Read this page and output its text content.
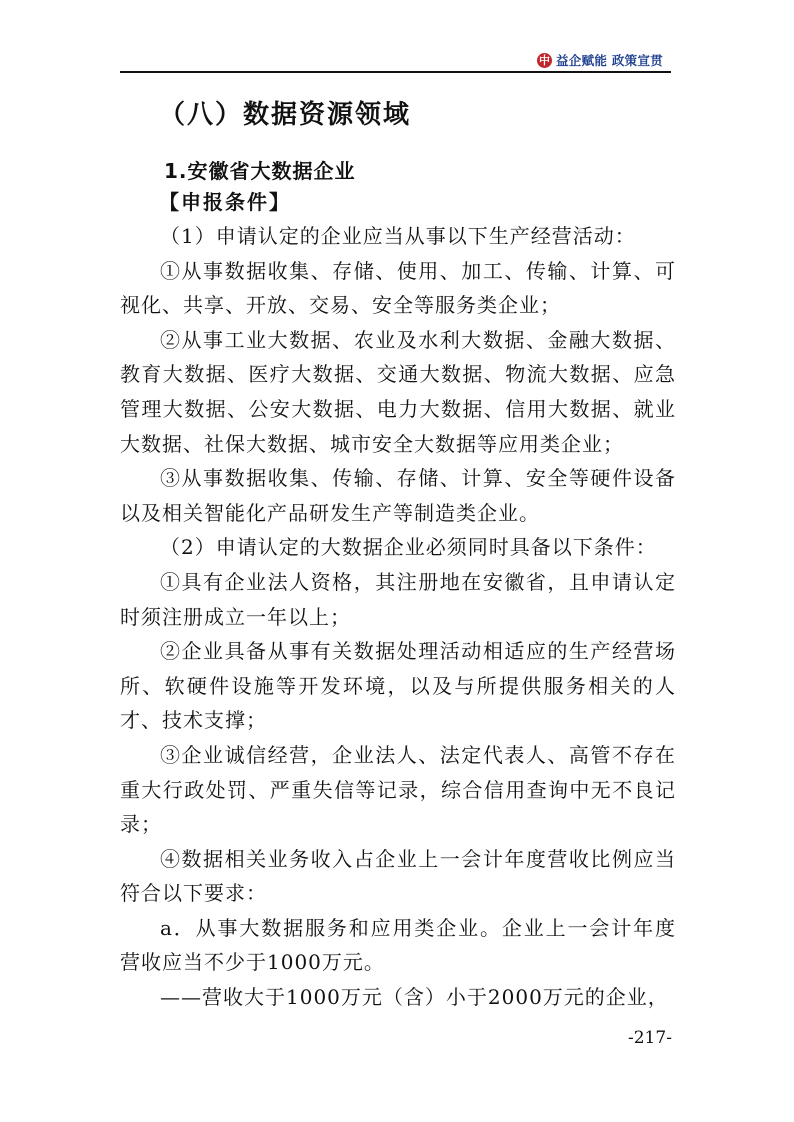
中 益企赋能 政策宣贯
（八）数据资源领域
1.安徽省大数据企业
【申报条件】

（1）申请认定的企业应当从事以下生产经营活动：

①从事数据收集、存储、使用、加工、传输、计算、可视化、共享、开放、交易、安全等服务类企业；

②从事工业大数据、农业及水利大数据、金融大数据、教育大数据、医疗大数据、交通大数据、物流大数据、应急管理大数据、公安大数据、电力大数据、信用大数据、就业大数据、社保大数据、城市安全大数据等应用类企业；

③从事数据收集、传输、存储、计算、安全等硬件设备以及相关智能化产品研发生产等制造类企业。

（2）申请认定的大数据企业必须同时具备以下条件：

①具有企业法人资格，其注册地在安徽省，且申请认定时须注册成立一年以上；

②企业具备从事有关数据处理活动相适应的生产经营场所、软硬件设施等开发环境，以及与所提供服务相关的人才、技术支撑；

③企业诚信经营，企业法人、法定代表人、高管不存在重大行政处罚、严重失信等记录，综合信用查询中无不良记录；

④数据相关业务收入占企业上一会计年度营收比例应当符合以下要求：

a．从事大数据服务和应用类企业。企业上一会计年度营收应当不少于1000万元。

——营收大于1000万元（含）小于2000万元的企业，

-217-
